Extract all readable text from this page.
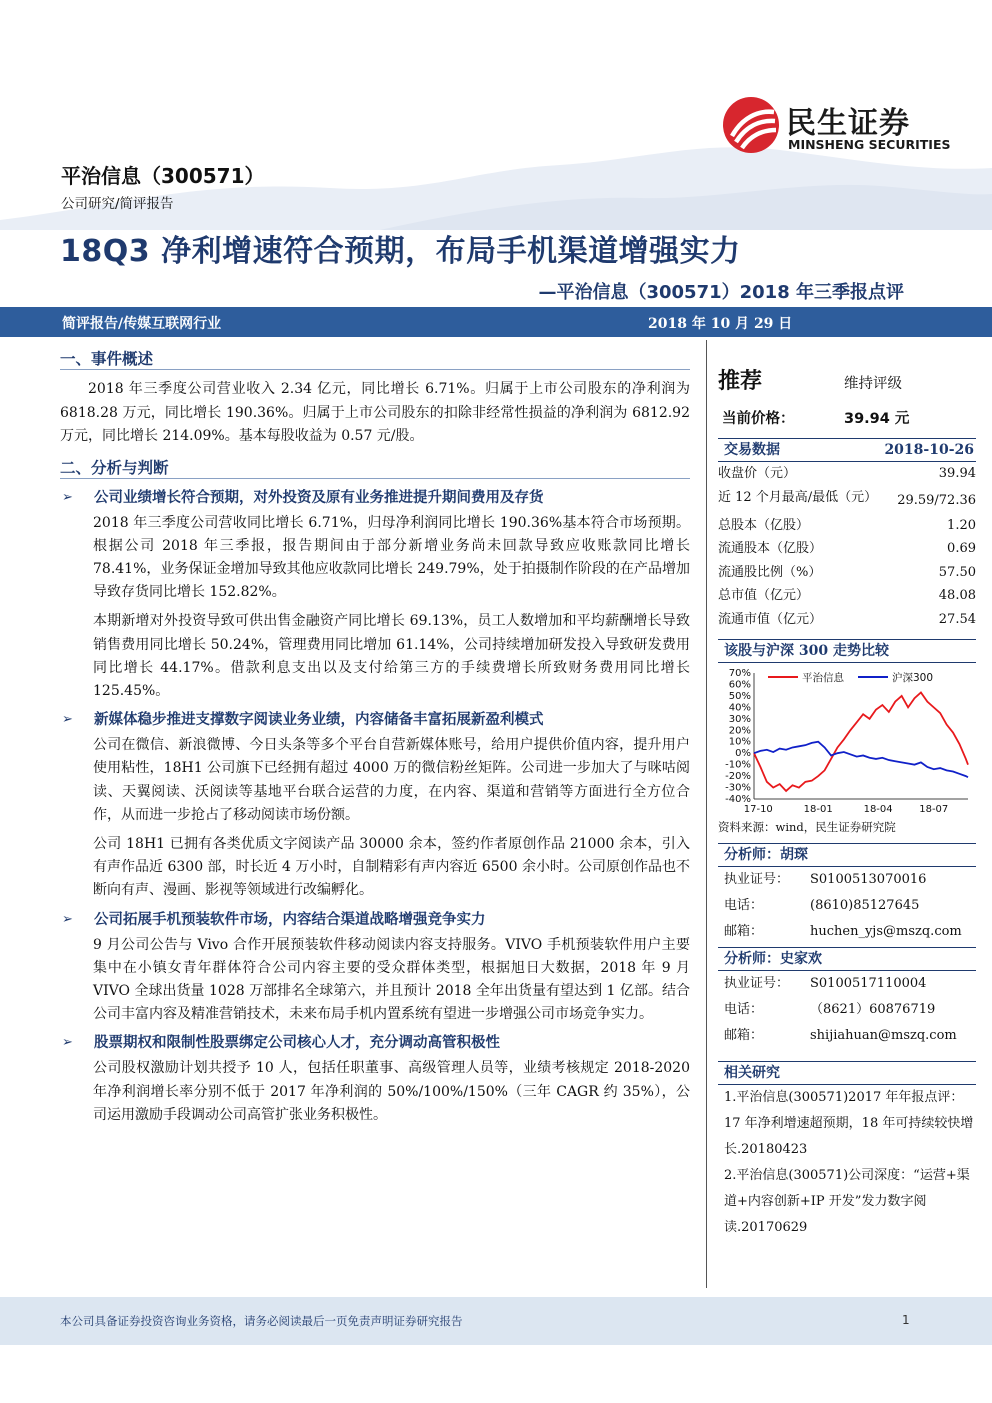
民生证券
MINSHENG SECURITIES
平治信息（300571）
公司研究/简评报告
18Q3 净利增速符合预期，布局手机渠道增强实力
—平治信息（300571）2018 年三季报点评
简评报告/传媒互联网行业	2018 年 10 月 29 日
一、事件概述

2018 年三季度公司营业收入 2.34 亿元，同比增长 6.71%。归属于上市公司股东的净利润为 6818.28 万元，同比增长 190.36%。归属于上市公司股东的扣除非经常性损益的净利润为 6812.92 万元，同比增长 214.09%。基本每股收益为 0.57 元/股。

二、分析与判断
➢	公司业绩增长符合预期，对外投资及原有业务推进提升期间费用及存货

2018 年三季度公司营收同比增长 6.71%，归母净利润同比增长 190.36%基本符合市场预期。根据公司 2018 年三季报，报告期间由于部分新增业务尚未回款导致应收账款同比增长 78.41%，业务保证金增加导致其他应收款同比增长 249.79%，处于拍摄制作阶段的在产品增加导致存货同比增长 152.82%。

本期新增对外投资导致可供出售金融资产同比增长 69.13%，员工人数增加和平均薪酬增长导致销售费用同比增长 50.24%，管理费用同比增加 61.14%，公司持续增加研发投入导致研发费用同比增长 44.17%。借款利息支出以及支付给第三方的手续费增长所致财务费用同比增长 125.45%。

➢	新媒体稳步推进支撑数字阅读业务业绩，内容储备丰富拓展新盈利模式

公司在微信、新浪微博、今日头条等多个平台自营新媒体账号，给用户提供价值内容，提升用户使用粘性，18H1 公司旗下已经拥有超过 4000 万的微信粉丝矩阵。公司进一步加大了与咪咕阅读、天翼阅读、沃阅读等基地平台联合运营的力度，在内容、渠道和营销等方面进行全方位合作，从而进一步抢占了移动阅读市场份额。

公司 18H1 已拥有各类优质文字阅读产品 30000 余本，签约作者原创作品 21000 余本，引入有声作品近 6300 部，时长近 4 万小时，自制精彩有声内容近 6500 余小时。公司原创作品也不断向有声、漫画、影视等领域进行改编孵化。

➢	公司拓展手机预装软件市场，内容结合渠道战略增强竞争实力

9 月公司公告与 Vivo 合作开展预装软件移动阅读内容支持服务。VIVO 手机预装软件用户主要集中在小镇女青年群体符合公司内容主要的受众群体类型，根据旭日大数据，2018 年 9 月 VIVO 全球出货量 1028 万部排名全球第六，并且预计 2018 全年出货量有望达到 1 亿部。结合公司丰富内容及精准营销技术，未来布局手机内置系统有望进一步增强公司市场竞争实力。

➢	股票期权和限制性股票绑定公司核心人才，充分调动高管积极性

公司股权激励计划共授予 10 人，包括任职董事、高级管理人员等，业绩考核规定 2018-2020 年净利润增长率分别不低于 2017 年净利润的 50%/100%/150%（三年 CAGR 约 35%），公司运用激励手段调动公司高管扩张业务积极性。

推荐	维持评级
当前价格：	39.94 元
交易数据	2018-10-26
收盘价（元）	39.94
近 12 个月最高/最低（元） 29.59/72.36
总股本（亿股）	1.20
流通股本（亿股）	0.69
流通股比例（%）	57.50
总市值（亿元）	48.08
流通市值（亿元）	27.54
该股与沪深 300 走势比较
70%
60%
50%
40%
30%
20%
10%
0%
-10%
-20%
-30%
-40%
17-10	18-01	18-04	18-07
平治信息	沪深300
资料来源：wind，民生证券研究院
分析师：胡琛
执业证号：	S0100513070016
电话：	(8610)85127645
邮箱：	huchen_yjs@mszq.com
分析师：史家欢
执业证号：	S0100517110004
电话：	（8621）60876719
邮箱：	shijiahuan@mszq.com
相关研究
1.平治信息(300571)2017 年年报点评：17 年净利增速超预期，18 年可持续较快增长.20180423
2.平治信息(300571)公司深度：“运营+渠道+内容创新+IP 开发”发力数字阅读.20170629
本公司具备证券投资咨询业务资格，请务必阅读最后一页免责声明证券研究报告	1
